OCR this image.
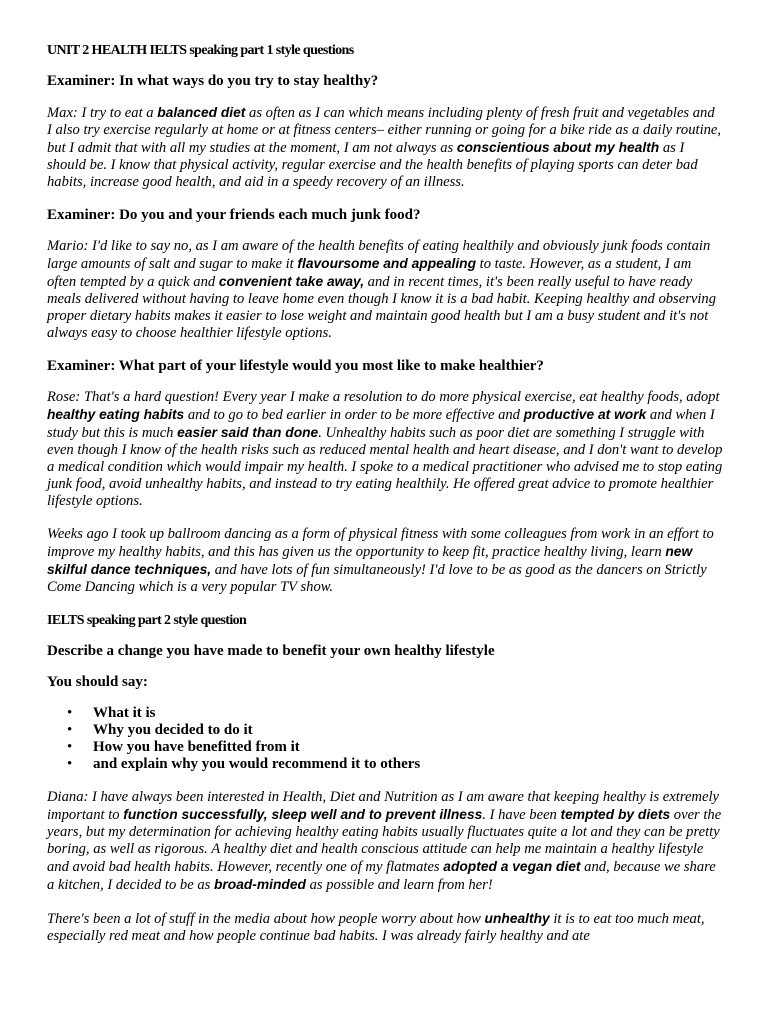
UNIT 2 HEALTH IELTS speaking part 1 style questions

Examiner: In what ways do you try to stay healthy?

Max: I try to eat a balanced diet as often as I can which means including plenty of fresh fruit and vegetables and I also try exercise regularly at home or at fitness centers– either running or going for a bike ride as a daily routine, but I admit that with all my studies at the moment, I am not always as conscientious about my health as I should be. I know that physical activity, regular exercise and the health benefits of playing sports can deter bad habits, increase good health, and aid in a speedy recovery of an illness.

Examiner: Do you and your friends each much junk food?

Mario: I'd like to say no, as I am aware of the health benefits of eating healthily and obviously junk foods contain large amounts of salt and sugar to make it flavoursome and appealing to taste. However, as a student, I am often tempted by a quick and convenient take away, and in recent times, it's been really useful to have ready meals delivered without having to leave home even though I know it is a bad habit. Keeping healthy and observing proper dietary habits makes it easier to lose weight and maintain good health but I am a busy student and it's not always easy to choose healthier lifestyle options.

Examiner: What part of your lifestyle would you most like to make healthier?

Rose: That's a hard question! Every year I make a resolution to do more physical exercise, eat healthy foods, adopt healthy eating habits and to go to bed earlier in order to be more effective and productive at work and when I study but this is much easier said than done. Unhealthy habits such as poor diet are something I struggle with even though I know of the health risks such as reduced mental health and heart disease, and I don't want to develop a medical condition which would impair my health. I spoke to a medical practitioner who advised me to stop eating junk food, avoid unhealthy habits, and instead to try eating healthily. He offered great advice to promote healthier lifestyle options.

Weeks ago I took up ballroom dancing as a form of physical fitness with some colleagues from work in an effort to improve my healthy habits, and this has given us the opportunity to keep fit, practice healthy living, learn new skilful dance techniques, and have lots of fun simultaneously! I'd love to be as good as the dancers on Strictly Come Dancing which is a very popular TV show.

IELTS speaking part 2 style question

Describe a change you have made to benefit your own healthy lifestyle

You should say:

• What it is
• Why you decided to do it
• How you have benefitted from it
• and explain why you would recommend it to others

Diana: I have always been interested in Health, Diet and Nutrition as I am aware that keeping healthy is extremely important to function successfully, sleep well and to prevent illness. I have been tempted by diets over the years, but my determination for achieving healthy eating habits usually fluctuates quite a lot and they can be pretty boring, as well as rigorous. A healthy diet and health conscious attitude can help me maintain a healthy lifestyle and avoid bad health habits. However, recently one of my flatmates adopted a vegan diet and, because we share a kitchen, I decided to be as broad-minded as possible and learn from her!

There's been a lot of stuff in the media about how people worry about how unhealthy it is to eat too much meat, especially red meat and how people continue bad habits. I was already fairly healthy and ate
